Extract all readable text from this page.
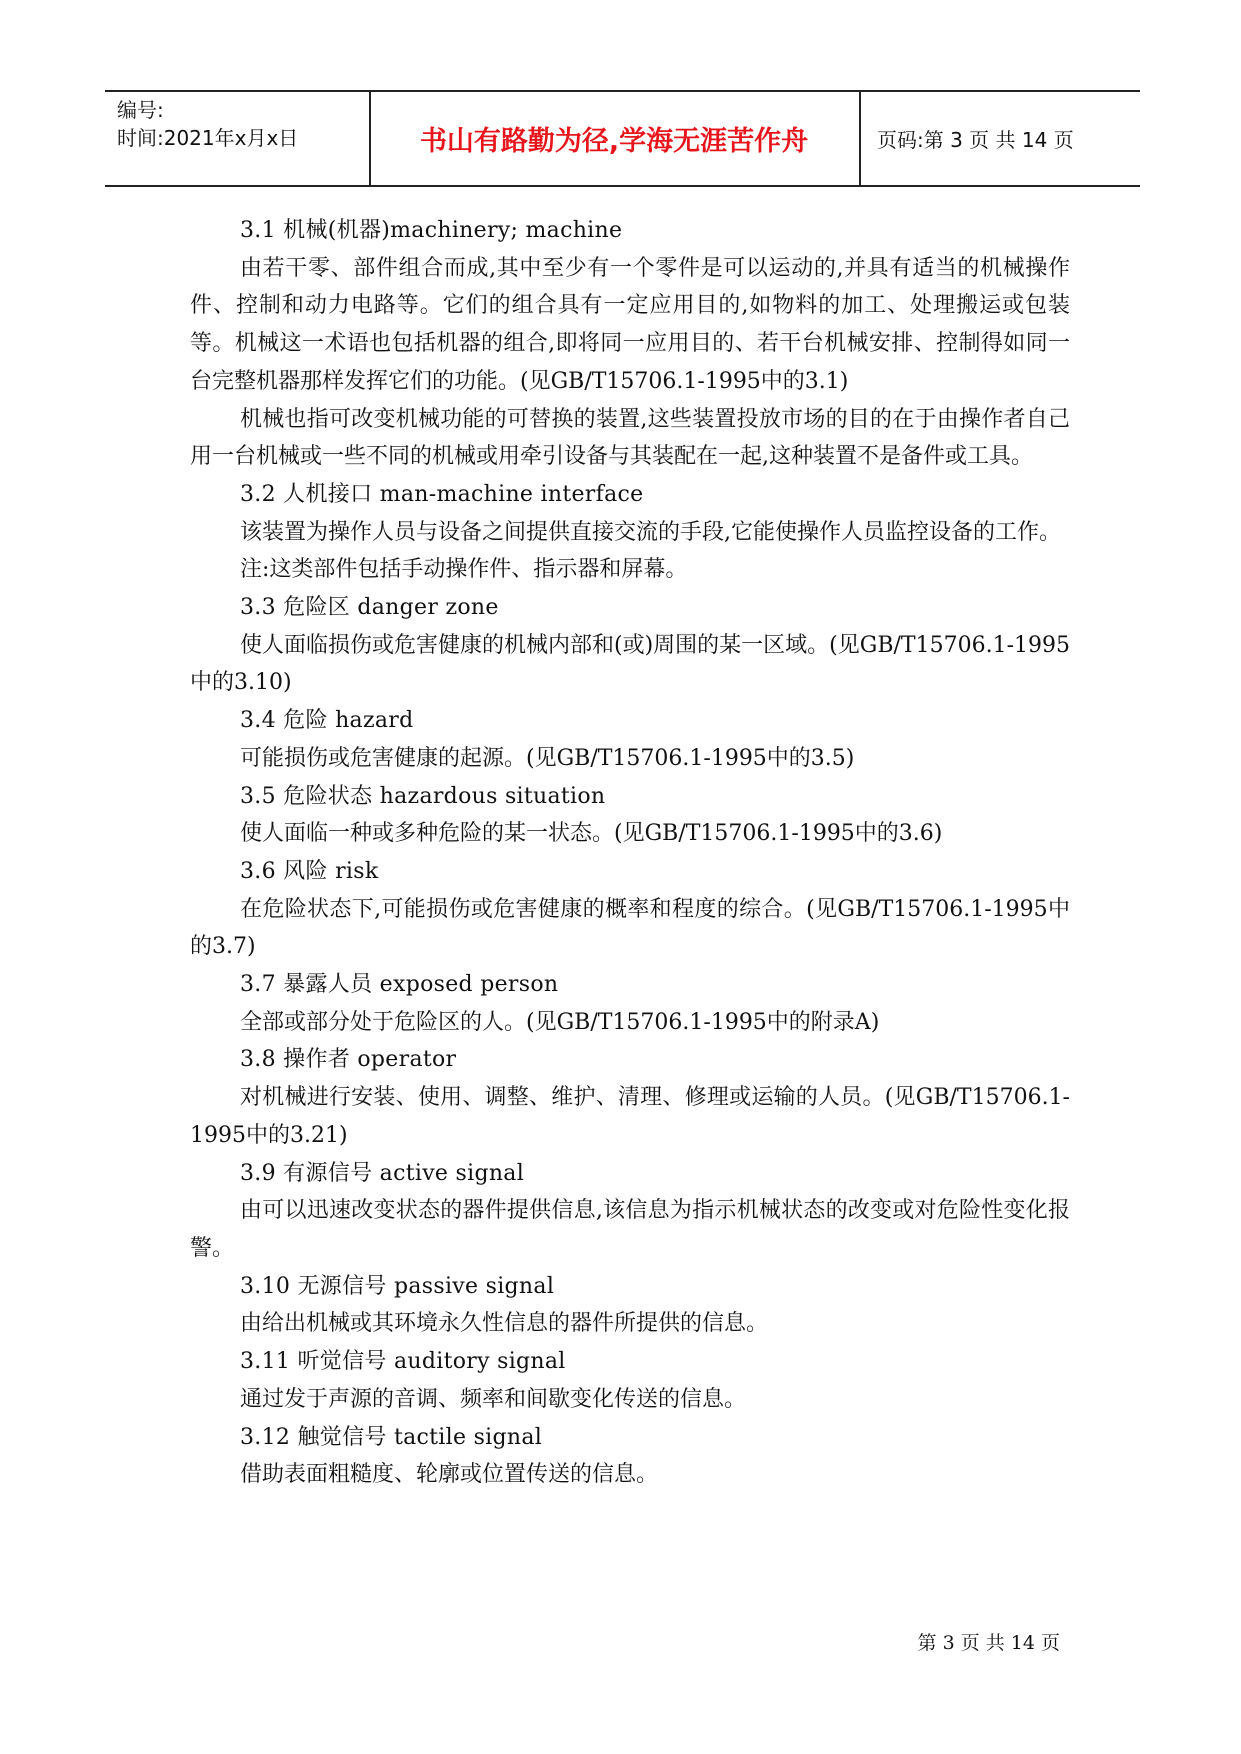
编号:
时间:2021年x月x日	书山有路勤为径,学海无涯苦作舟	页码:第 3 页 共 14 页

3.1 机械(机器)machinery; machine

由若干零、部件组合而成,其中至少有一个零件是可以运动的,并具有适当的机械操作件、控制和动力电路等。它们的组合具有一定应用目的,如物料的加工、处理搬运或包装等。机械这一术语也包括机器的组合,即将同一应用目的、若干台机械安排、控制得如同一台完整机器那样发挥它们的功能。(见GB/T15706.1-1995中的3.1)

机械也指可改变机械功能的可替换的装置,这些装置投放市场的目的在于由操作者自己用一台机械或一些不同的机械或用牵引设备与其装配在一起,这种装置不是备件或工具。

3.2 人机接口 man-machine interface

该装置为操作人员与设备之间提供直接交流的手段,它能使操作人员监控设备的工作。

注:这类部件包括手动操作件、指示器和屏幕。

3.3 危险区 danger zone

使人面临损伤或危害健康的机械内部和(或)周围的某一区域。(见GB/T15706.1-1995中的3.10)

3.4 危险 hazard

可能损伤或危害健康的起源。(见GB/T15706.1-1995中的3.5)

3.5 危险状态 hazardous situation

使人面临一种或多种危险的某一状态。(见GB/T15706.1-1995中的3.6)

3.6 风险 risk

在危险状态下,可能损伤或危害健康的概率和程度的综合。(见GB/T15706.1-1995中的3.7)

3.7 暴露人员 exposed person

全部或部分处于危险区的人。(见GB/T15706.1-1995中的附录A)

3.8 操作者 operator

对机械进行安装、使用、调整、维护、清理、修理或运输的人员。(见GB/T15706.1-1995中的3.21)

3.9 有源信号 active signal

由可以迅速改变状态的器件提供信息,该信息为指示机械状态的改变或对危险性变化报警。

3.10 无源信号 passive signal

由给出机械或其环境永久性信息的器件所提供的信息。

3.11 听觉信号 auditory signal

通过发于声源的音调、频率和间歇变化传送的信息。

3.12 触觉信号 tactile signal

借助表面粗糙度、轮廓或位置传送的信息。

第 3 页 共 14 页
